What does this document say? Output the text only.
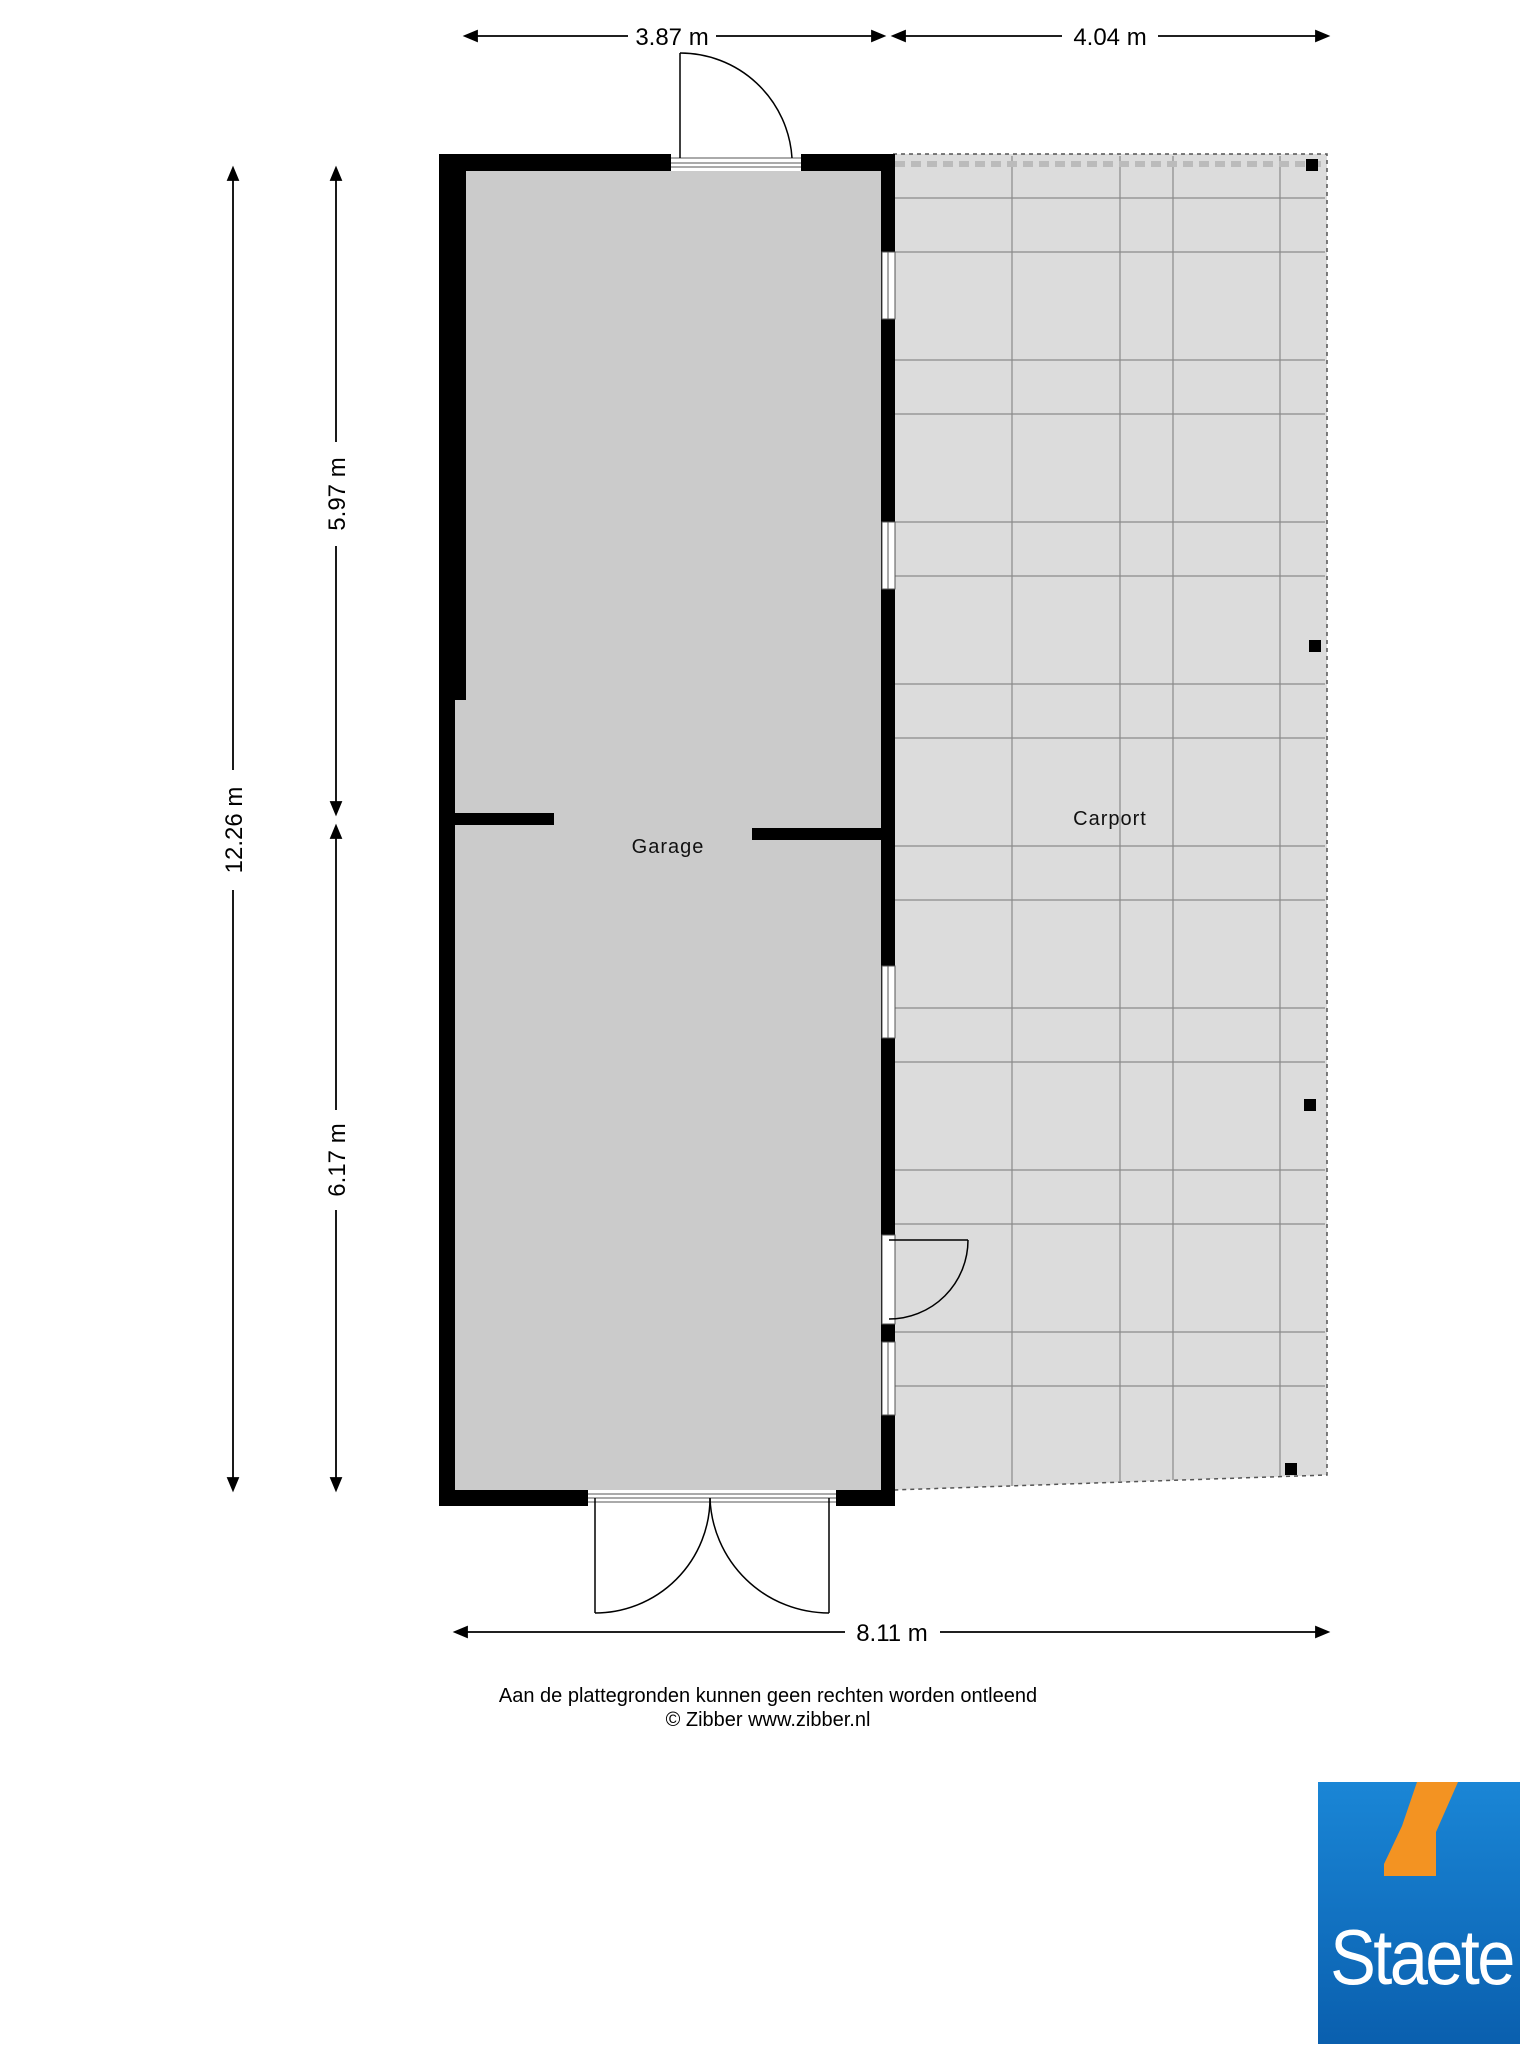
Garage
Carport
3.87 m	4.04 m
8.11 m
12.26 m
5.97 m
6.17 m
Aan de plattegronden kunnen geen rechten worden ontleend
© Zibber www.zibber.nl
Staete
